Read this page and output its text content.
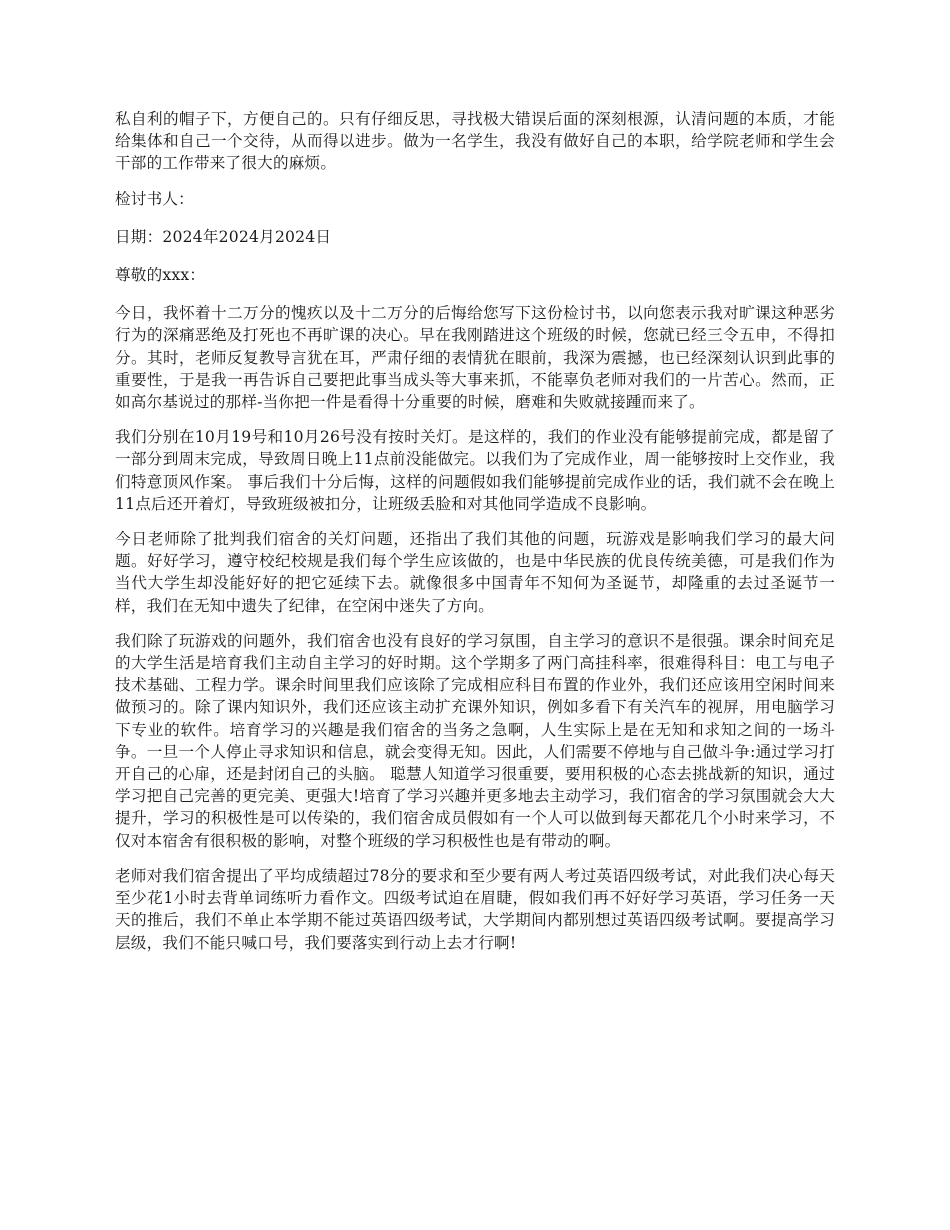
私自利的帽子下，方便自己的。只有仔细反思，寻找极大错误后面的深刻根源，认清问题的本质，才能给集体和自己一个交待，从而得以进步。做为一名学生，我没有做好自己的本职，给学院老师和学生会干部的工作带来了很大的麻烦。

检讨书人：

日期：2024年2024月2024日

尊敬的xxx：

今日，我怀着十二万分的愧疚以及十二万分的后悔给您写下这份检讨书，以向您表示我对旷课这种恶劣行为的深痛恶绝及打死也不再旷课的决心。早在我刚踏进这个班级的时候，您就已经三令五申，不得扣分。其时，老师反复教导言犹在耳，严肃仔细的表情犹在眼前，我深为震撼，也已经深刻认识到此事的重要性，于是我一再告诉自己要把此事当成头等大事来抓，不能辜负老师对我们的一片苦心。然而，正如高尔基说过的那样-当你把一件是看得十分重要的时候，磨难和失败就接踵而来了。

我们分别在10月19号和10月26号没有按时关灯。是这样的，我们的作业没有能够提前完成，都是留了一部分到周末完成，导致周日晚上11点前没能做完。以我们为了完成作业，周一能够按时上交作业，我们特意顶风作案。 事后我们十分后悔，这样的问题假如我们能够提前完成作业的话，我们就不会在晚上11点后还开着灯，导致班级被扣分，让班级丢脸和对其他同学造成不良影响。

今日老师除了批判我们宿舍的关灯问题，还指出了我们其他的问题，玩游戏是影响我们学习的最大问题。好好学习，遵守校纪校规是我们每个学生应该做的，也是中华民族的优良传统美德，可是我们作为当代大学生却没能好好的把它延续下去。就像很多中国青年不知何为圣诞节，却隆重的去过圣诞节一样，我们在无知中遗失了纪律，在空闲中迷失了方向。

我们除了玩游戏的问题外，我们宿舍也没有良好的学习氛围，自主学习的意识不是很强。课余时间充足的大学生活是培育我们主动自主学习的好时期。这个学期多了两门高挂科率，很难得科目：电工与电子技术基础、工程力学。课余时间里我们应该除了完成相应科目布置的作业外，我们还应该用空闲时间来做预习的。除了课内知识外，我们还应该主动扩充课外知识，例如多看下有关汽车的视屏，用电脑学习下专业的软件。培育学习的兴趣是我们宿舍的当务之急啊，人生实际上是在无知和求知之间的一场斗争。一旦一个人停止寻求知识和信息，就会变得无知。因此，人们需要不停地与自己做斗争:通过学习打开自己的心扉，还是封闭自己的头脑。 聪慧人知道学习很重要，要用积极的心态去挑战新的知识，通过学习把自己完善的更完美、更强大!培育了学习兴趣并更多地去主动学习，我们宿舍的学习氛围就会大大提升，学习的积极性是可以传染的，我们宿舍成员假如有一个人可以做到每天都花几个小时来学习，不仅对本宿舍有很积极的影响，对整个班级的学习积极性也是有带动的啊。

老师对我们宿舍提出了平均成绩超过78分的要求和至少要有两人考过英语四级考试，对此我们决心每天至少花1小时去背单词练听力看作文。四级考试迫在眉睫，假如我们再不好好学习英语，学习任务一天天的推后，我们不单止本学期不能过英语四级考试，大学期间内都别想过英语四级考试啊。要提高学习层级，我们不能只喊口号，我们要落实到行动上去才行啊!
